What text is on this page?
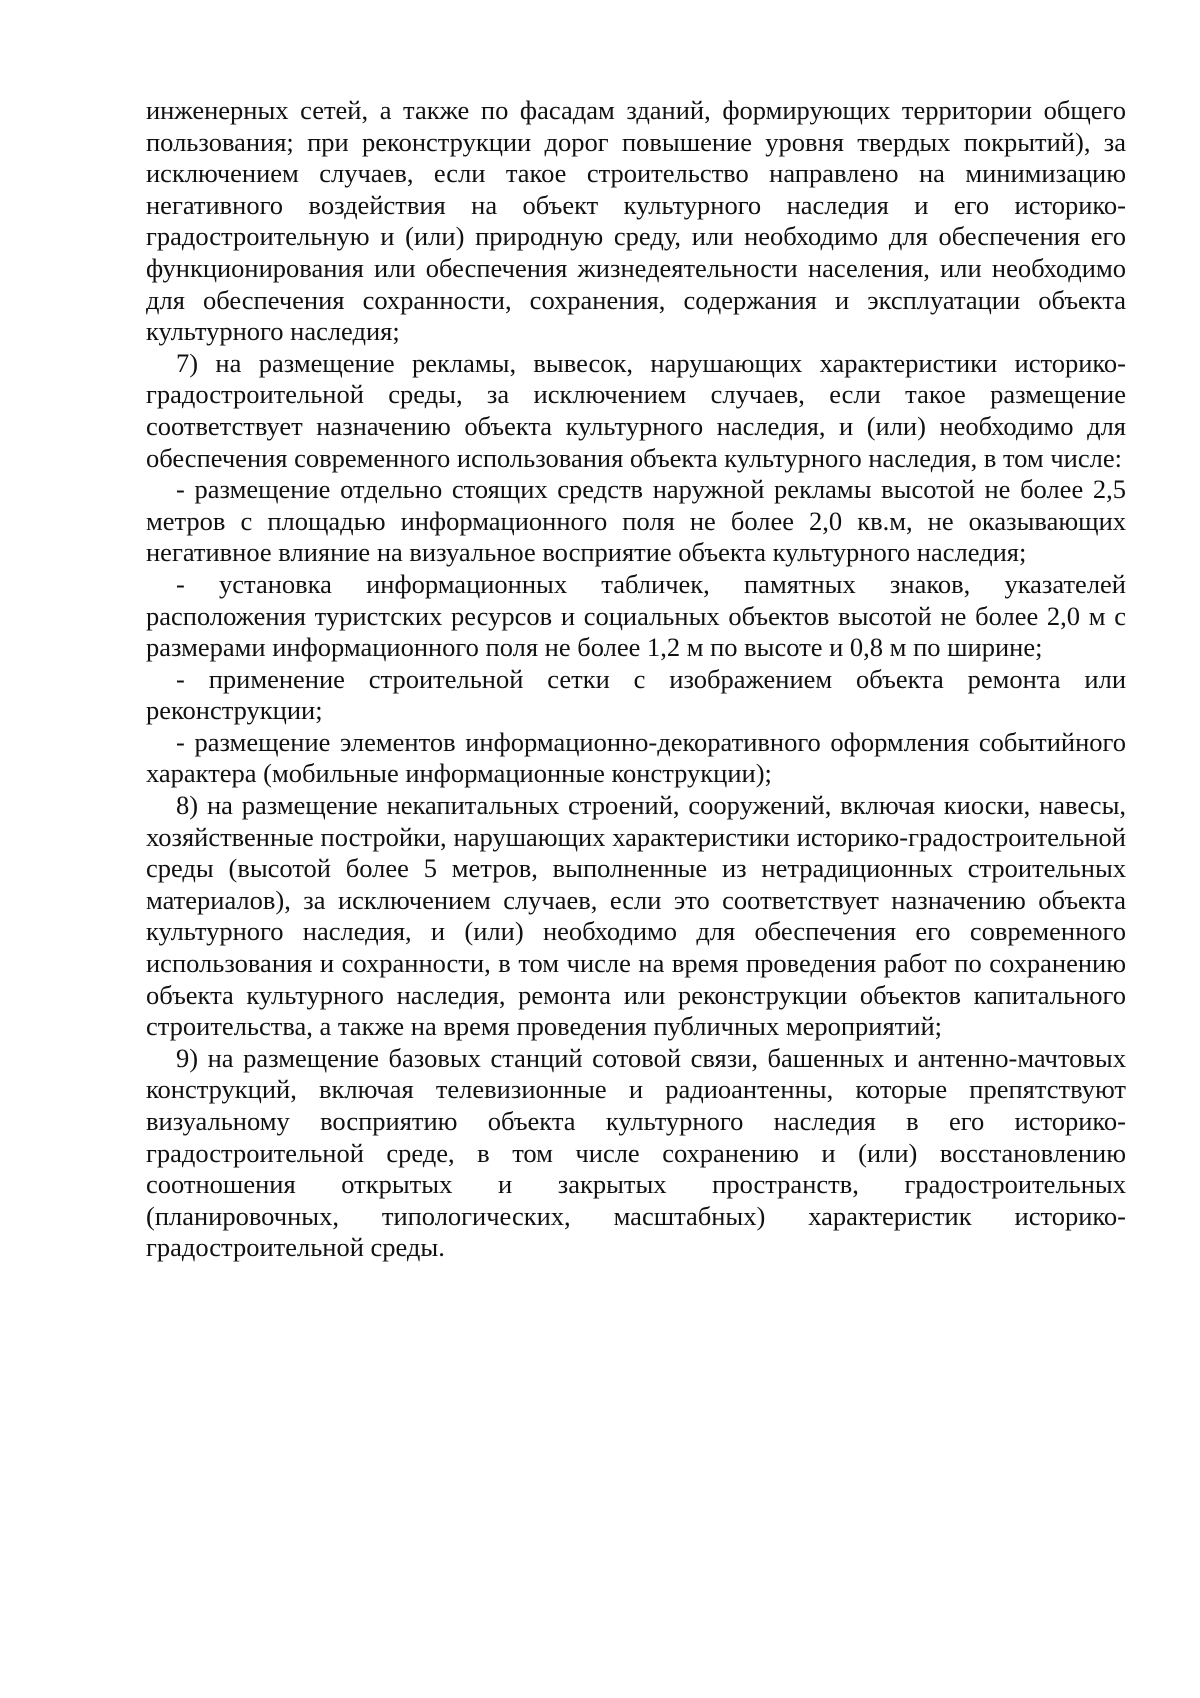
инженерных сетей, а также по фасадам зданий, формирующих территории общего пользования; при реконструкции дорог повышение уровня твердых покрытий), за исключением случаев, если такое строительство направлено на минимизацию негативного воздействия на объект культурного наследия и его историко-градостроительную и (или) природную среду, или необходимо для обеспечения его функционирования или обеспечения жизнедеятельности населения, или необходимо для обеспечения сохранности, сохранения, содержания и эксплуатации объекта культурного наследия;

7) на размещение рекламы, вывесок, нарушающих характеристики историко-градостроительной среды, за исключением случаев, если такое размещение соответствует назначению объекта культурного наследия, и (или) необходимо для обеспечения современного использования объекта культурного наследия, в том числе:

- размещение отдельно стоящих средств наружной рекламы высотой не более 2,5 метров с площадью информационного поля не более 2,0 кв.м, не оказывающих негативное влияние на визуальное восприятие объекта культурного наследия;

- установка информационных табличек, памятных знаков, указателей расположения туристских ресурсов и социальных объектов высотой не более 2,0 м с размерами информационного поля не более 1,2 м по высоте и 0,8 м по ширине;

- применение строительной сетки с изображением объекта ремонта или реконструкции;

- размещение элементов информационно-декоративного оформления событийного характера (мобильные информационные конструкции);

8) на размещение некапитальных строений, сооружений, включая киоски, навесы, хозяйственные постройки, нарушающих характеристики историко-градостроительной среды (высотой более 5 метров, выполненные из нетрадиционных строительных материалов), за исключением случаев, если это соответствует назначению объекта культурного наследия, и (или) необходимо для обеспечения его современного использования и сохранности, в том числе на время проведения работ по сохранению объекта культурного наследия, ремонта или реконструкции объектов капитального строительства, а также на время проведения публичных мероприятий;

9) на размещение базовых станций сотовой связи, башенных и антенно-мачтовых конструкций, включая телевизионные и радиоантенны, которые препятствуют визуальному восприятию объекта культурного наследия в его историко-градостроительной среде, в том числе сохранению и (или) восстановлению соотношения открытых и закрытых пространств, градостроительных (планировочных, типологических, масштабных) характеристик историко-градостроительной среды.
